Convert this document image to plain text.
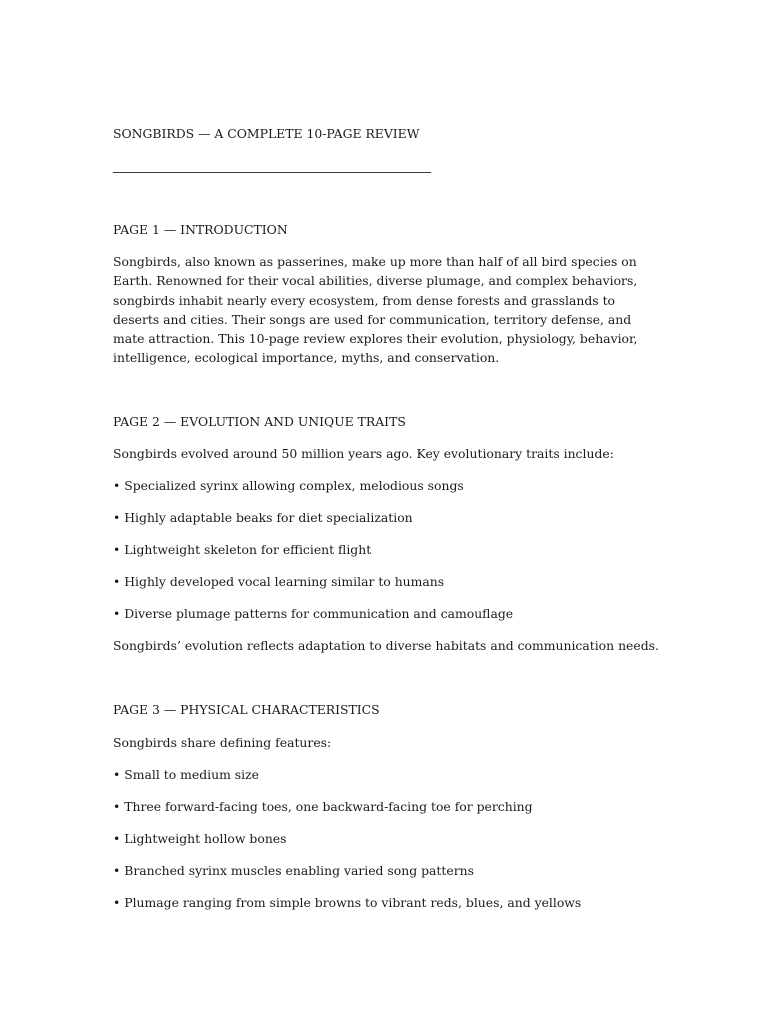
SONGBIRDS — A COMPLETE 10-PAGE REVIEW

PAGE 1 — INTRODUCTION

Songbirds, also known as passerines, make up more than half of all bird species on Earth. Renowned for their vocal abilities, diverse plumage, and complex behaviors, songbirds inhabit nearly every ecosystem, from dense forests and grasslands to deserts and cities. Their songs are used for communication, territory defense, and mate attraction. This 10-page review explores their evolution, physiology, behavior, intelligence, ecological importance, myths, and conservation.

PAGE 2 — EVOLUTION AND UNIQUE TRAITS

Songbirds evolved around 50 million years ago. Key evolutionary traits include:

• Specialized syrinx allowing complex, melodious songs

• Highly adaptable beaks for diet specialization

• Lightweight skeleton for efficient flight

• Highly developed vocal learning similar to humans

• Diverse plumage patterns for communication and camouflage

Songbirds’ evolution reflects adaptation to diverse habitats and communication needs.

PAGE 3 — PHYSICAL CHARACTERISTICS

Songbirds share defining features:

• Small to medium size

• Three forward-facing toes, one backward-facing toe for perching

• Lightweight hollow bones

• Branched syrinx muscles enabling varied song patterns

• Plumage ranging from simple browns to vibrant reds, blues, and yellows
